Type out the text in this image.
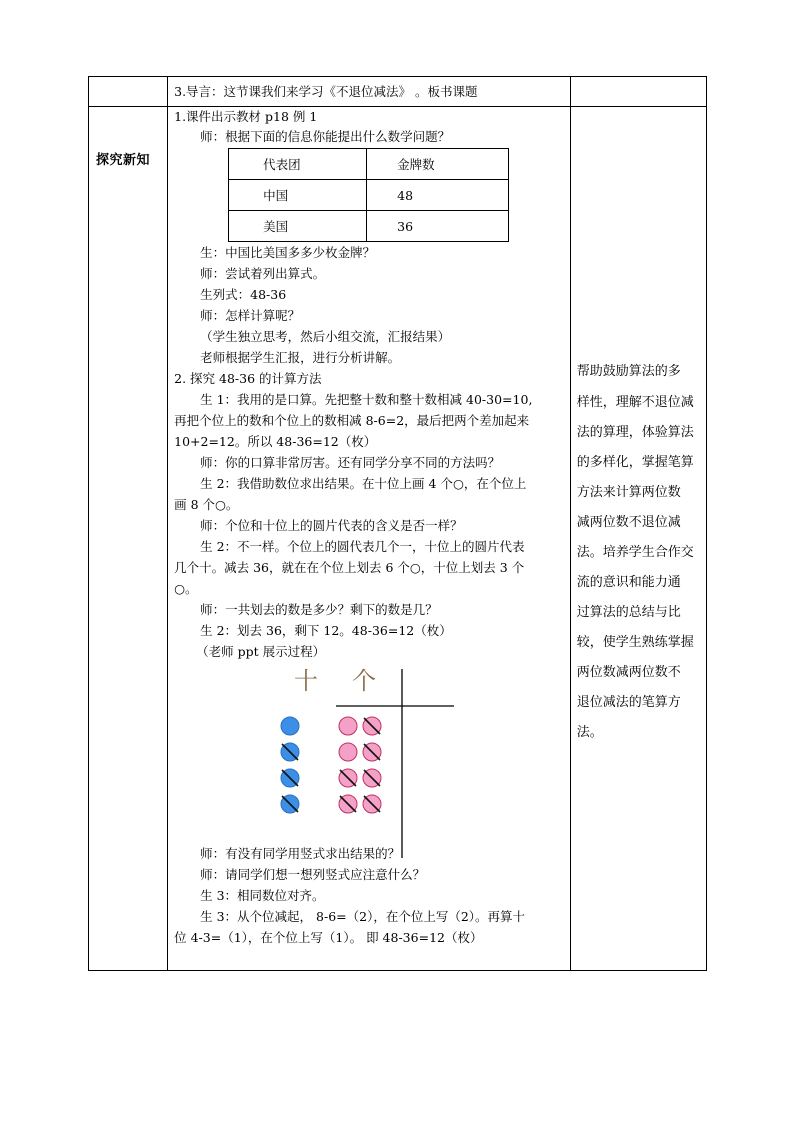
	3.导言：这节课我们来学习《不退位减法》 。板书课题	
探究新知	
1.课件出示教材 p18 例 1
师：根据下面的信息你能提出什么数学问题？
代表团	金牌数
中国	48
美国	36
生：中国比美国多多少枚金牌？
师：尝试着列出算式。
生列式：48-36
师：怎样计算呢？
（学生独立思考，然后小组交流，汇报结果）
老师根据学生汇报，进行分析讲解。
2. 探究 48-36 的计算方法
生 1：我用的是口算。先把整十数和整十数相减 40-30=10,
再把个位上的数和个位上的数相减 8-6=2，最后把两个差加起来
10+2=12。所以 48-36=12（枚）
师：你的口算非常厉害。还有同学分享不同的方法吗？
生 2：我借助数位求出结果。在十位上画 4 个○，在个位上
画 8 个○。
师：个位和十位上的圆片代表的含义是否一样？
生 2：不一样。个位上的圆代表几个一，十位上的圆片代表
几个十。减去 36，就在在个位上划去 6 个○，十位上划去 3 个
○。
师：一共划去的数是多少？剩下的数是几？
生 2：划去 36，剩下 12。48-36=12（枚）
（老师 ppt 展示过程）
十 个
师：有没有同学用竖式求出结果的？
师：请同学们想一想列竖式应注意什么？
生 3：相同数位对齐。
生 3：从个位减起， 8-6=（2），在个位上写（2）。再算十
位 4-3=（1），在个位上写（1）。 即 48-36=12（枚）

帮助鼓励算法的多
样性，理解不退位减
法的算理，体验算法
的多样化，掌握笔算
方法来计算两位数
减两位数不退位减
法。培养学生合作交
流的意识和能力通
过算法的总结与比
较，使学生熟练掌握
两位数减两位数不
退位减法的笔算方
法。
